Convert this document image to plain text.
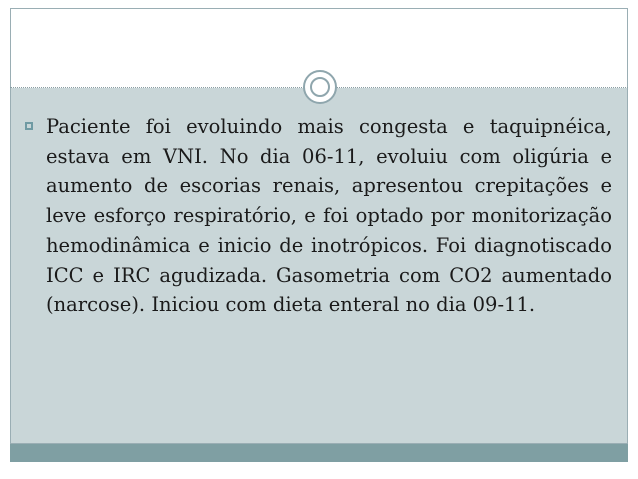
Paciente foi evoluindo mais congesta e taquipnéica, estava em VNI. No dia 06-11, evoluiu com oligúria e aumento de escorias renais, apresentou crepitações e leve esforço respiratório, e foi optado por monitorização hemodinâmica e inicio de inotrópicos. Foi diagnotiscado ICC e IRC agudizada. Gasometria com CO2 aumentado (narcose). Iniciou com dieta enteral no dia 09-11.
